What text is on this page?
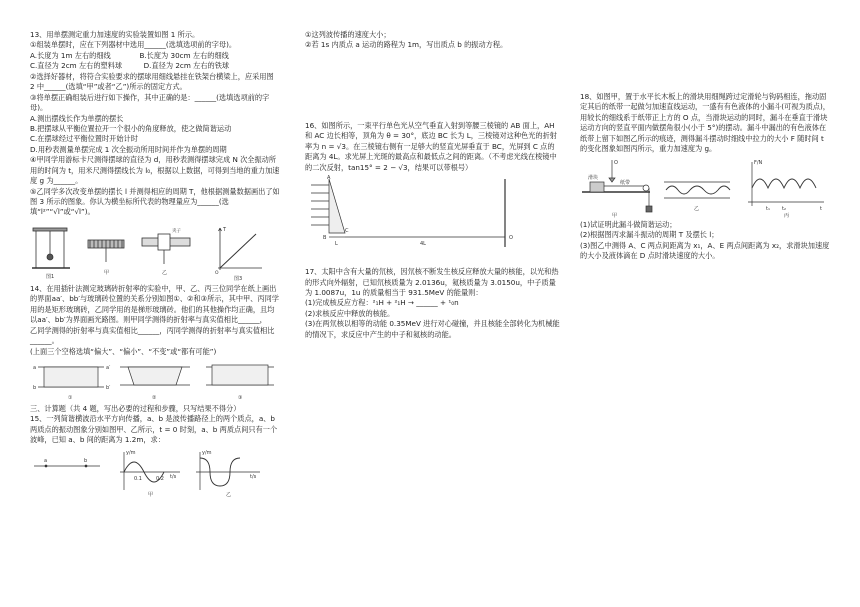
13、用单摆测定重力加速度的实验装置如图 1 所示。

①组装单摆时，应在下列器材中选用______(选填选项前的字母)。

A.长度为 1m 左右的细线　　　　B.长度为 30cm 左右的细线

C.直径为 2cm 左右的塑料球　　　D.直径为 2cm 左右的铁球

②选择好器材，将符合实验要求的摆球用细线悬挂在铁架台横梁上，应采用图 2 中______(选填“甲”或者“乙”)所示的固定方式。

③将单摆正确组装后进行如下操作，其中正确的是：______(选填选项前的字母)。

A.测出摆线长作为单摆的摆长

B.把摆球从平衡位置拉开一个很小的角度释放，使之做简谐运动

C.在摆球经过平衡位置时开始计时

D.用秒表测量单摆完成 1 次全振动所用时间并作为单摆的周期

④甲同学用游标卡尺测得摆球的直径为 d，用秒表测得摆球完成 N 次全振动所用的时间为 t，用米尺测得摆线长为 l₀，根据以上数据，可得到当地的重力加速度 g 为______。

⑤乙同学多次改变单摆的摆长 l 并测得相应的周期 T，他根据测量数据画出了如图 3 所示的图象。你认为横坐标所代表的物理量应为______(选填“l²”“√l”或“√l”)。

图1
甲
夹子
乙
T
O
图3

14、在用插针法测定玻璃砖折射率的实验中，甲、乙、丙三位同学在纸上画出的界面aa′、bb′与玻璃砖位置的关系分别如图①、②和③所示，其中甲、丙同学用的是矩形玻璃砖，乙同学用的是梯形玻璃砖。他们的其他操作均正确，且均以aa′、bb′为界面画光路图。则甲同学测得的折射率与真实值相比______，

乙同学测得的折射率与真实值相比______，丙同学测得的折射率与真实值相比______。

(上面三个空格选填“偏大”、“偏小”、“不变”或“都有可能”)

a	a′
b	b′
①	②	③

三、计算题（共 4 题，写出必要的过程和步骤，只写结果不得分）

15、一列简谐横波沿水平方向传播，a、b 是波传播路径上的两个质点，a、b 两质点的振动图象分别如图甲、乙所示，t = 0 时刻，a、b 两质点间只有一个波峰，已知 a、b 间的距离为 1.2m，求：

a	b
y/m
t/s
0.1	0.2
y/m
t/s
甲	乙

①这列波传播的速度大小；

②若 1s 内质点 a 运动的路程为 1m，写出质点 b 的振动方程。

16、如图所示，一束平行单色光从空气垂直入射到等腰三棱镜的 AB 面上，AH 和 AC 边长相等，顶角为 θ = 30°，底边 BC 长为 L，三棱镜对这种色光的折射率为 n = √3。在三棱镜右侧有一足够大的竖直光屏垂直于 BC，光屏到 C 点的距离为 4L。求光屏上光斑的最高点和最低点之间的距离。（不考虑光线在棱镜中的二次反射，tan15° = 2 − √3，结果可以带根号）

A
B
C
L	4L
O

17、太阳中含有大量的氘核，因氘核不断发生核反应释放大量的核能，以光和热的形式向外辐射，已知氘核质量为 2.0136u，氦核质量为 3.0150u，中子质量为 1.0087u，1u 的质量相当于 931.5MeV 的能量则：

(1)完成核反应方程：²₁H + ²₁H → ______ + ¹₀n

(2)求核反应中释放的核能。

(3)在两氘核以相等的动能 0.35MeV 进行对心碰撞，并且核能全部转化为机械能的情况下，求反应中产生的中子和氦核的动能。

18、如图甲，置于水平长木板上的滑块用细绳跨过定滑轮与钩码相连，拖动固定其后的纸带一起做匀加速直线运动，一盛有有色液体的小漏斗(可视为质点)，用较长的细线系于纸带正上方的 O 点，当滑块运动的同时，漏斗在垂直于滑块运动方向的竖直平面内做摆角很小(小于 5°)的摆动。漏斗中漏出的有色液体在纸带上留下如图乙所示的痕迹，测得漏斗摆动时细线中拉力的大小 F 随时间 t 的变化图象如图丙所示，重力加速度为 g。

O
滑块
纸带
F/N
t
t₁ t₂
甲
乙
丙

(1)试证明此漏斗做简谐运动；

(2)根据图丙求漏斗振动的周期 T 及摆长 l；

(3)图乙中测得 A、C 两点间距离为 x₁，A、E 两点间距离为 x₂，求滑块加速度的大小及液体滴在 D 点时滑块速度的大小。
